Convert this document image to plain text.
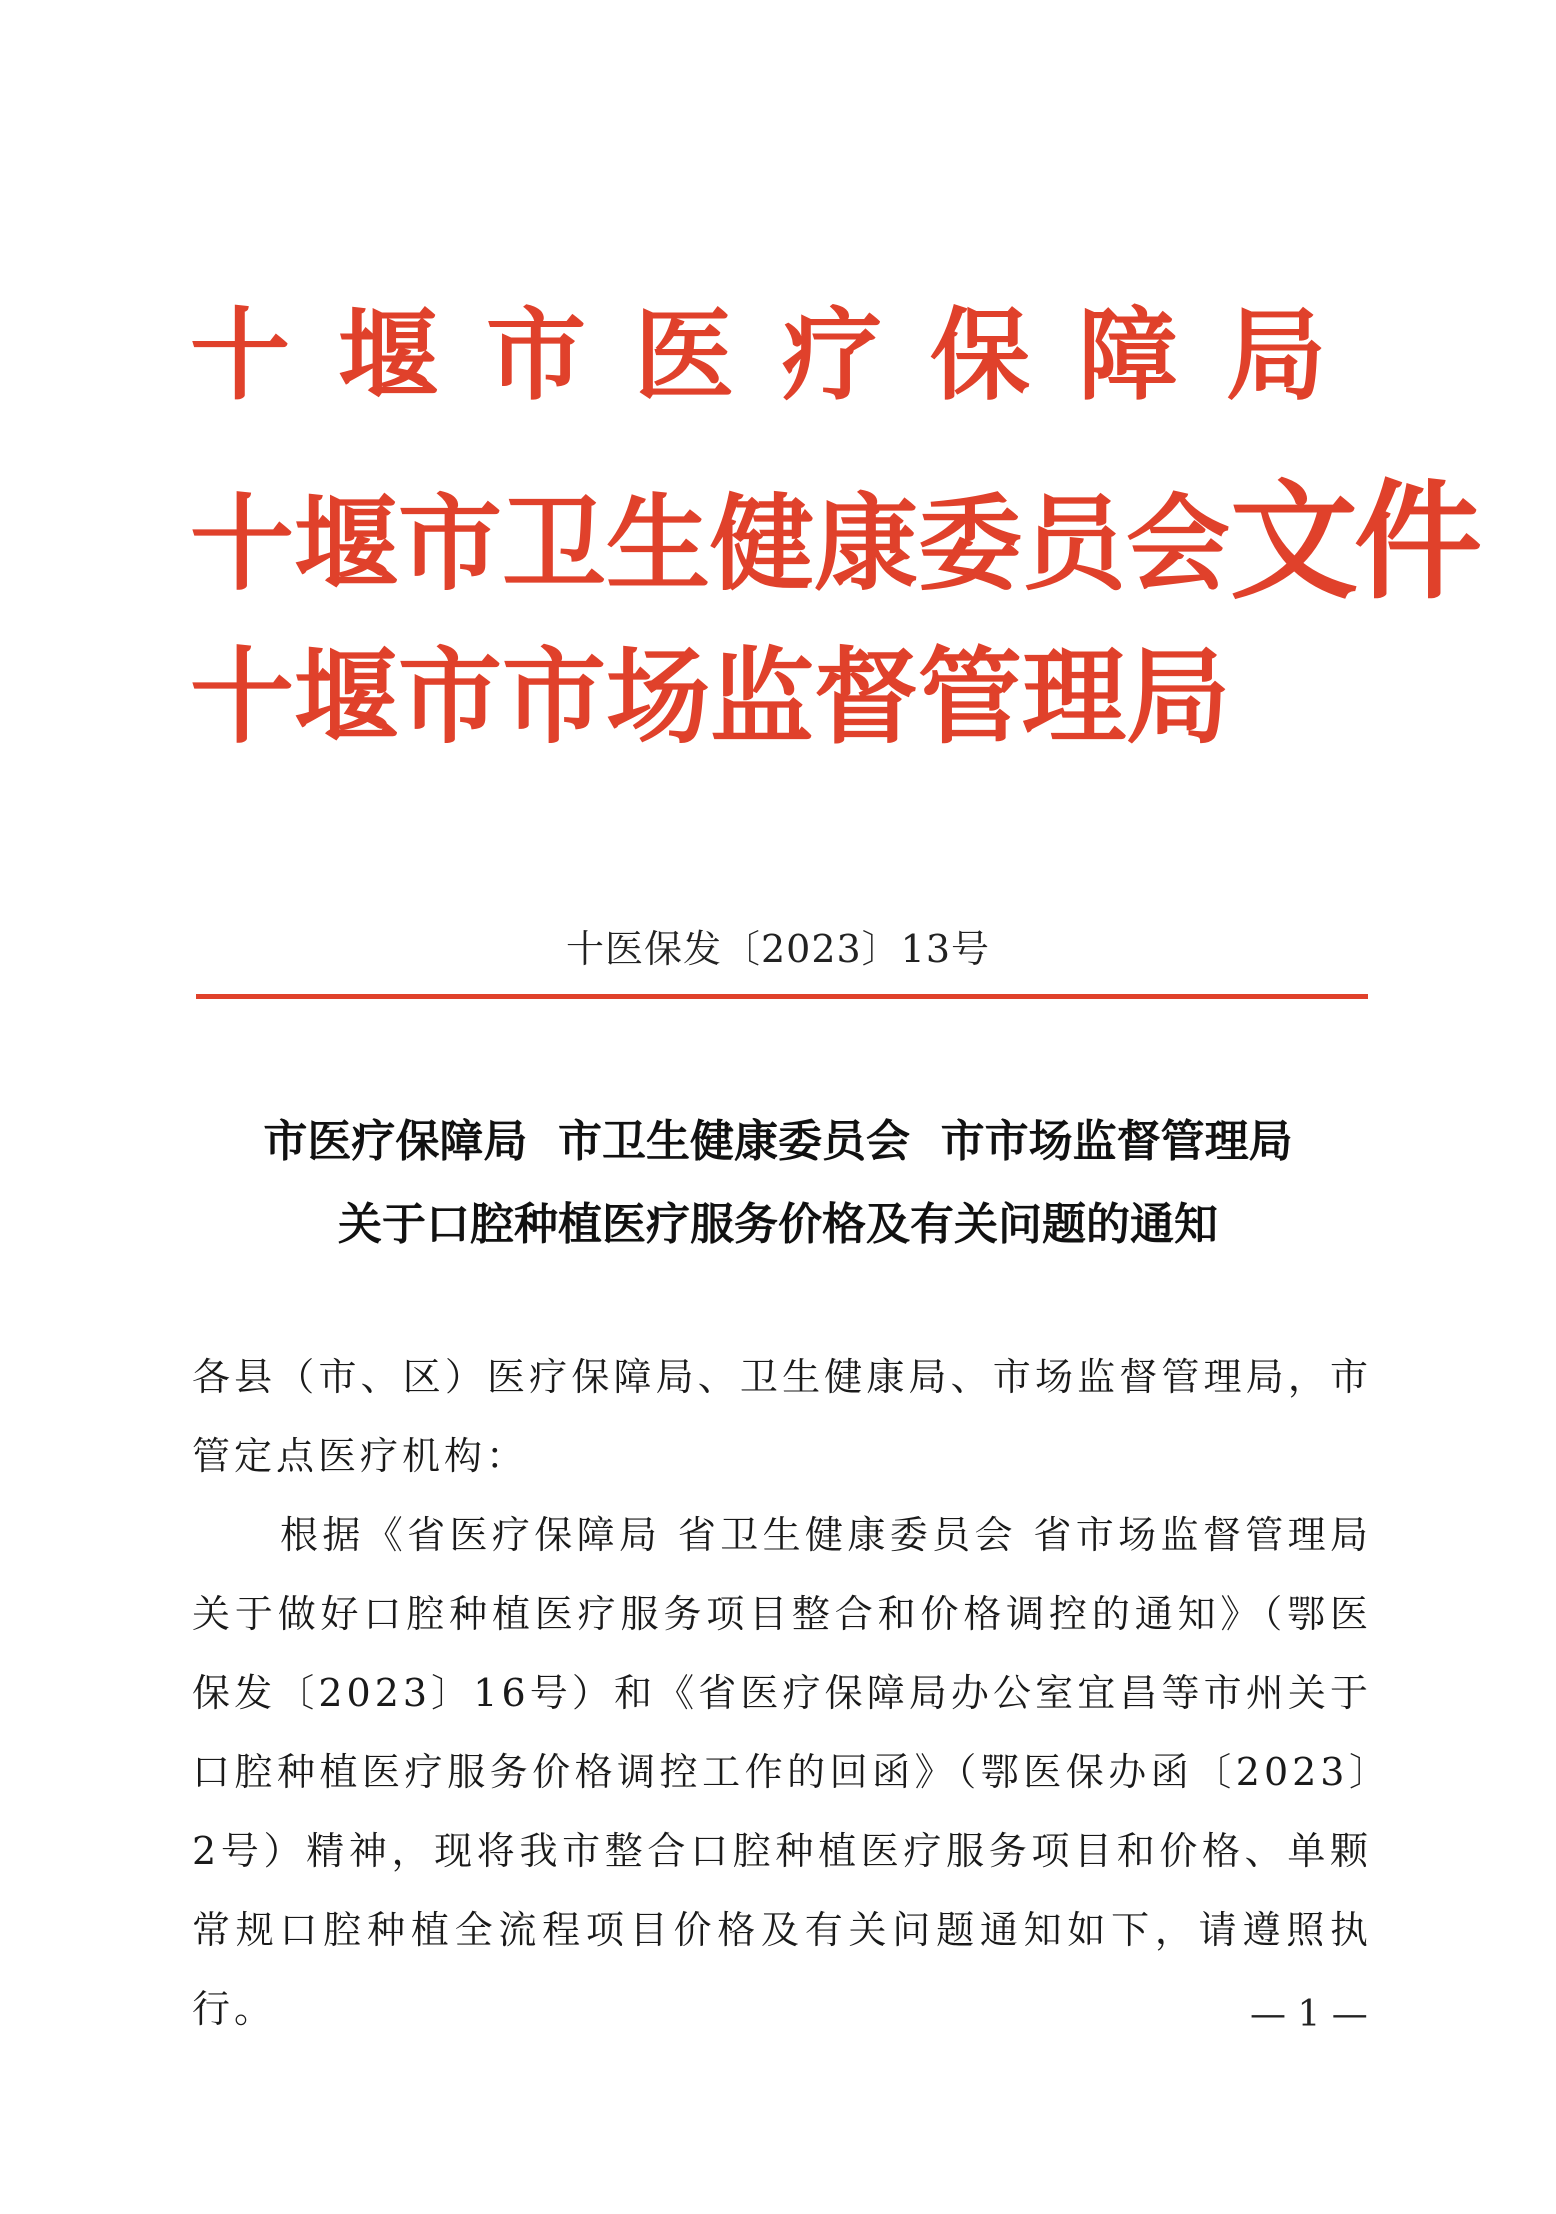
十堰市医疗保障局
十堰市卫生健康委员会文件
十堰市市场监督管理局
十医保发〔2023〕13号
市医疗保障局  市卫生健康委员会  市市场监督管理局
关于口腔种植医疗服务价格及有关问题的通知

各县（市、区）医疗保障局、卫生健康局、市场监督管理局，市管定点医疗机构：

根据《省医疗保障局 省卫生健康委员会 省市场监督管理局关于做好口腔种植医疗服务项目整合和价格调控的通知》（鄂医保发〔2023〕16号）和《省医疗保障局办公室宜昌等市州关于口腔种植医疗服务价格调控工作的回函》（鄂医保办函〔2023〕2号）精神，现将我市整合口腔种植医疗服务项目和价格、单颗常规口腔种植全流程项目价格及有关问题通知如下，请遵照执行。	— 1 —
